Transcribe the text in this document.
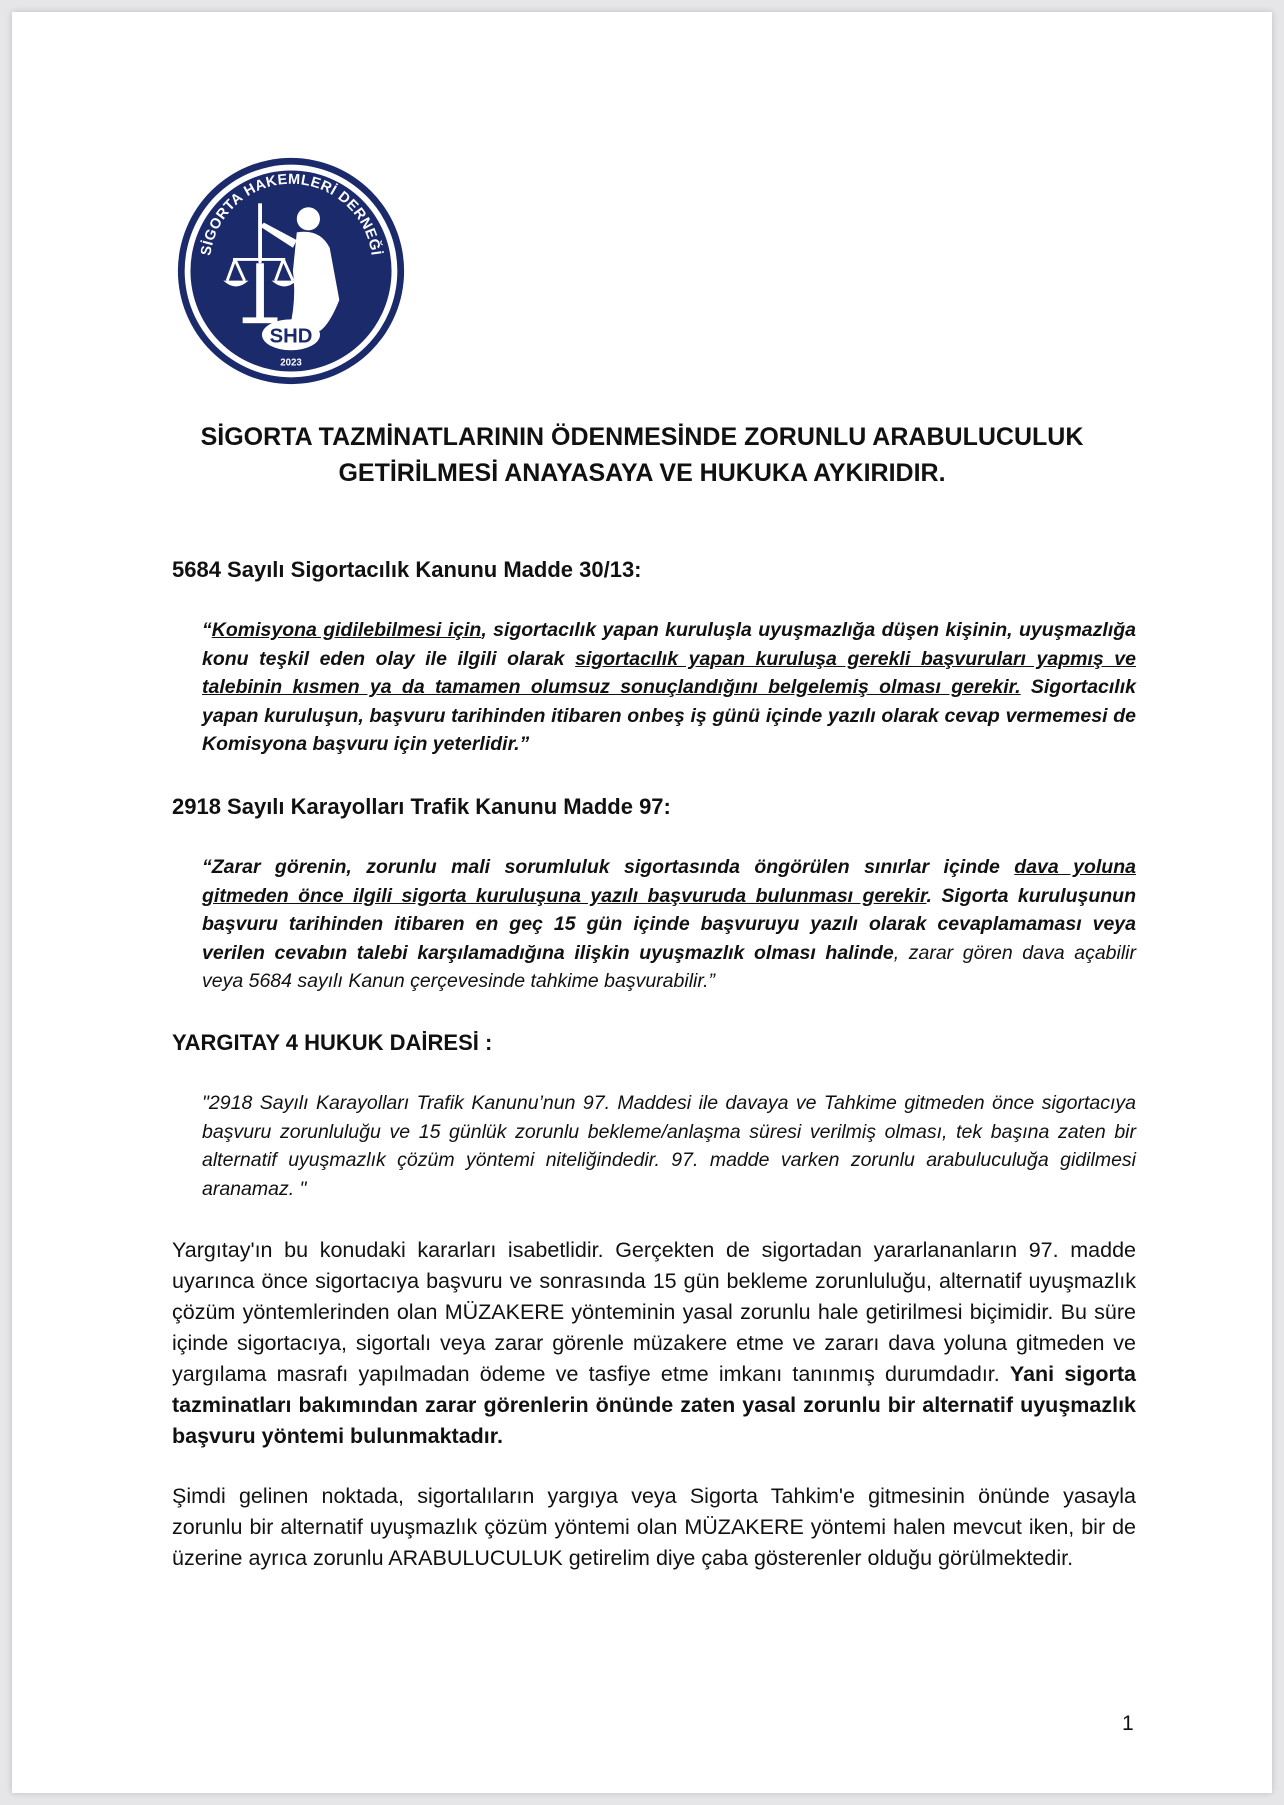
SİGORTA HAKEMLERİ DERNEĞİ
SHD
2023
SİGORTA TAZMİNATLARININ ÖDENMESİNDE ZORUNLU ARABULUCULUK
GETİRİLMESİ ANAYASAYA VE HUKUKA AYKIRIDIR.
5684 Sayılı Sigortacılık Kanunu Madde 30/13:
“Komisyona gidilebilmesi için, sigortacılık yapan kuruluşla uyuşmazlığa düşen kişinin, uyuşmazlığa konu teşkil eden olay ile ilgili olarak sigortacılık yapan kuruluşa gerekli başvuruları yapmış ve talebinin kısmen ya da tamamen olumsuz sonuçlandığını belgelemiş olması gerekir. Sigortacılık yapan kuruluşun, başvuru tarihinden itibaren onbeş iş günü içinde yazılı olarak cevap vermemesi de Komisyona başvuru için yeterlidir.”
2918 Sayılı Karayolları Trafik Kanunu Madde 97:
“Zarar görenin, zorunlu mali sorumluluk sigortasında öngörülen sınırlar içinde dava yoluna gitmeden önce ilgili sigorta kuruluşuna yazılı başvuruda bulunması gerekir. Sigorta kuruluşunun başvuru tarihinden itibaren en geç 15 gün içinde başvuruyu yazılı olarak cevaplamaması veya verilen cevabın talebi karşılamadığına ilişkin uyuşmazlık olması halinde, zarar gören dava açabilir veya 5684 sayılı Kanun çerçevesinde tahkime başvurabilir.”
YARGITAY 4 HUKUK DAİRESİ :
"2918 Sayılı Karayolları Trafik Kanunu’nun 97. Maddesi ile davaya ve Tahkime gitmeden önce sigortacıya başvuru zorunluluğu ve 15 günlük zorunlu bekleme/anlaşma süresi verilmiş olması, tek başına zaten bir alternatif uyuşmazlık çözüm yöntemi niteliğindedir. 97. madde varken zorunlu arabuluculuğa gidilmesi aranamaz. "
Yargıtay'ın bu konudaki kararları isabetlidir. Gerçekten de sigortadan yararlananların 97. madde uyarınca önce sigortacıya başvuru ve sonrasında 15 gün bekleme zorunluluğu, alternatif uyuşmazlık çözüm yöntemlerinden olan MÜZAKERE yönteminin yasal zorunlu hale getirilmesi biçimidir. Bu süre içinde sigortacıya, sigortalı veya zarar görenle müzakere etme ve zararı dava yoluna gitmeden ve yargılama masrafı yapılmadan ödeme ve tasfiye etme imkanı tanınmış durumdadır. Yani sigorta tazminatları bakımından zarar görenlerin önünde zaten yasal zorunlu bir alternatif uyuşmazlık başvuru yöntemi bulunmaktadır.
Şimdi gelinen noktada, sigortalıların yargıya veya Sigorta Tahkim'e gitmesinin önünde yasayla zorunlu bir alternatif uyuşmazlık çözüm yöntemi olan MÜZAKERE yöntemi halen mevcut iken, bir de üzerine ayrıca zorunlu ARABULUCULUK getirelim diye çaba gösterenler olduğu görülmektedir.
1
